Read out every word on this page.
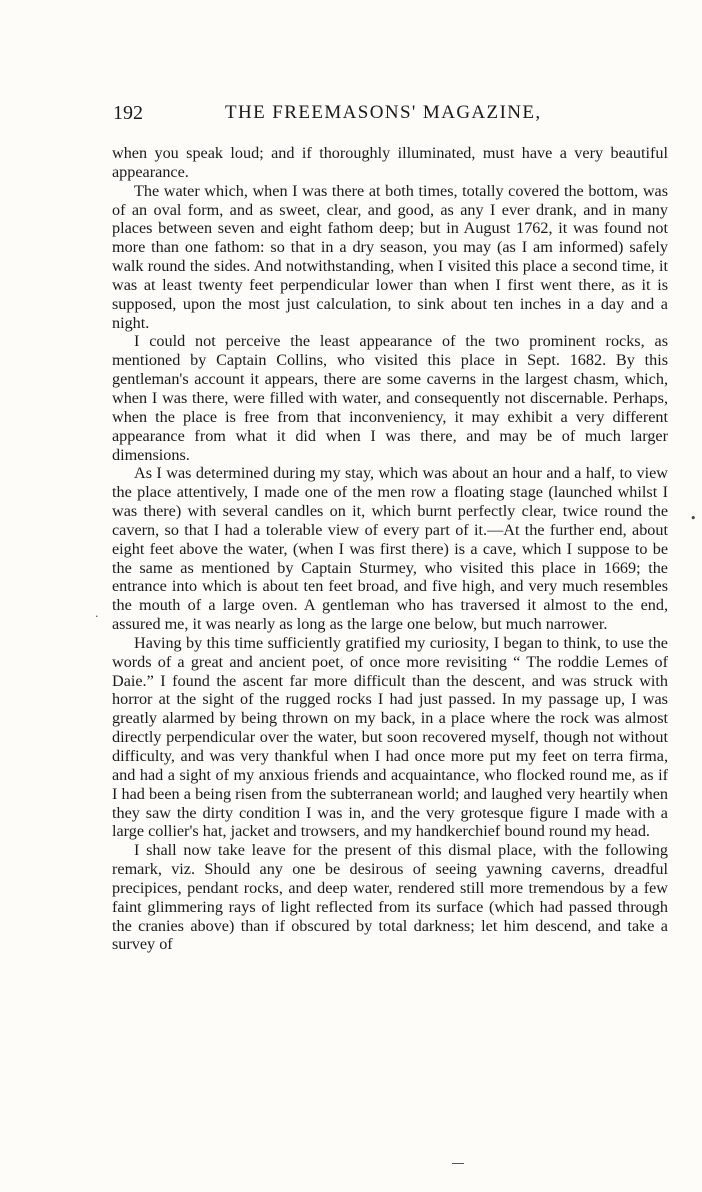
192	THE FREEMASONS' MAGAZINE,

when you speak loud; and if thoroughly illuminated, must have a very beautiful appearance.

The water which, when I was there at both times, totally covered the bottom, was of an oval form, and as sweet, clear, and good, as any I ever drank, and in many places between seven and eight fathom deep; but in August 1762, it was found not more than one fathom: so that in a dry season, you may (as I am informed) safely walk round the sides. And notwithstanding, when I visited this place a second time, it was at least twenty feet perpendicular lower than when I first went there, as it is supposed, upon the most just calculation, to sink about ten inches in a day and a night.

I could not perceive the least appearance of the two prominent rocks, as mentioned by Captain Collins, who visited this place in Sept. 1682. By this gentleman's account it appears, there are some caverns in the largest chasm, which, when I was there, were filled with water, and consequently not discernable. Perhaps, when the place is free from that inconveniency, it may exhibit a very different appearance from what it did when I was there, and may be of much larger dimensions.

As I was determined during my stay, which was about an hour and a half, to view the place attentively, I made one of the men row a floating stage (launched whilst I was there) with several candles on it, which burnt perfectly clear, twice round the cavern, so that I had a tolerable view of every part of it.—At the further end, about eight feet above the water, (when I was first there) is a cave, which I suppose to be the same as mentioned by Captain Sturmey, who visited this place in 1669; the entrance into which is about ten feet broad, and five high, and very much resembles the mouth of a large oven. A gentleman who has traversed it almost to the end, assured me, it was nearly as long as the large one below, but much narrower.

Having by this time sufficiently gratified my curiosity, I began to think, to use the words of a great and ancient poet, of once more revisiting “ The roddie Lemes of Daie.” I found the ascent far more difficult than the descent, and was struck with horror at the sight of the rugged rocks I had just passed. In my passage up, I was greatly alarmed by being thrown on my back, in a place where the rock was almost directly perpendicular over the water, but soon recovered myself, though not without difficulty, and was very thankful when I had once more put my feet on terra firma, and had a sight of my anxious friends and acquaintance, who flocked round me, as if I had been a being risen from the subterranean world; and laughed very heartily when they saw the dirty condition I was in, and the very grotesque figure I made with a large collier's hat, jacket and trowsers, and my handkerchief bound round my head.

I shall now take leave for the present of this dismal place, with the following remark, viz. Should any one be desirous of seeing yawning caverns, dreadful precipices, pendant rocks, and deep water, rendered still more tremendous by a few faint glimmering rays of light reflected from its surface (which had passed through the cranies above) than if obscured by total darkness; let him descend, and take a survey of

•
·
